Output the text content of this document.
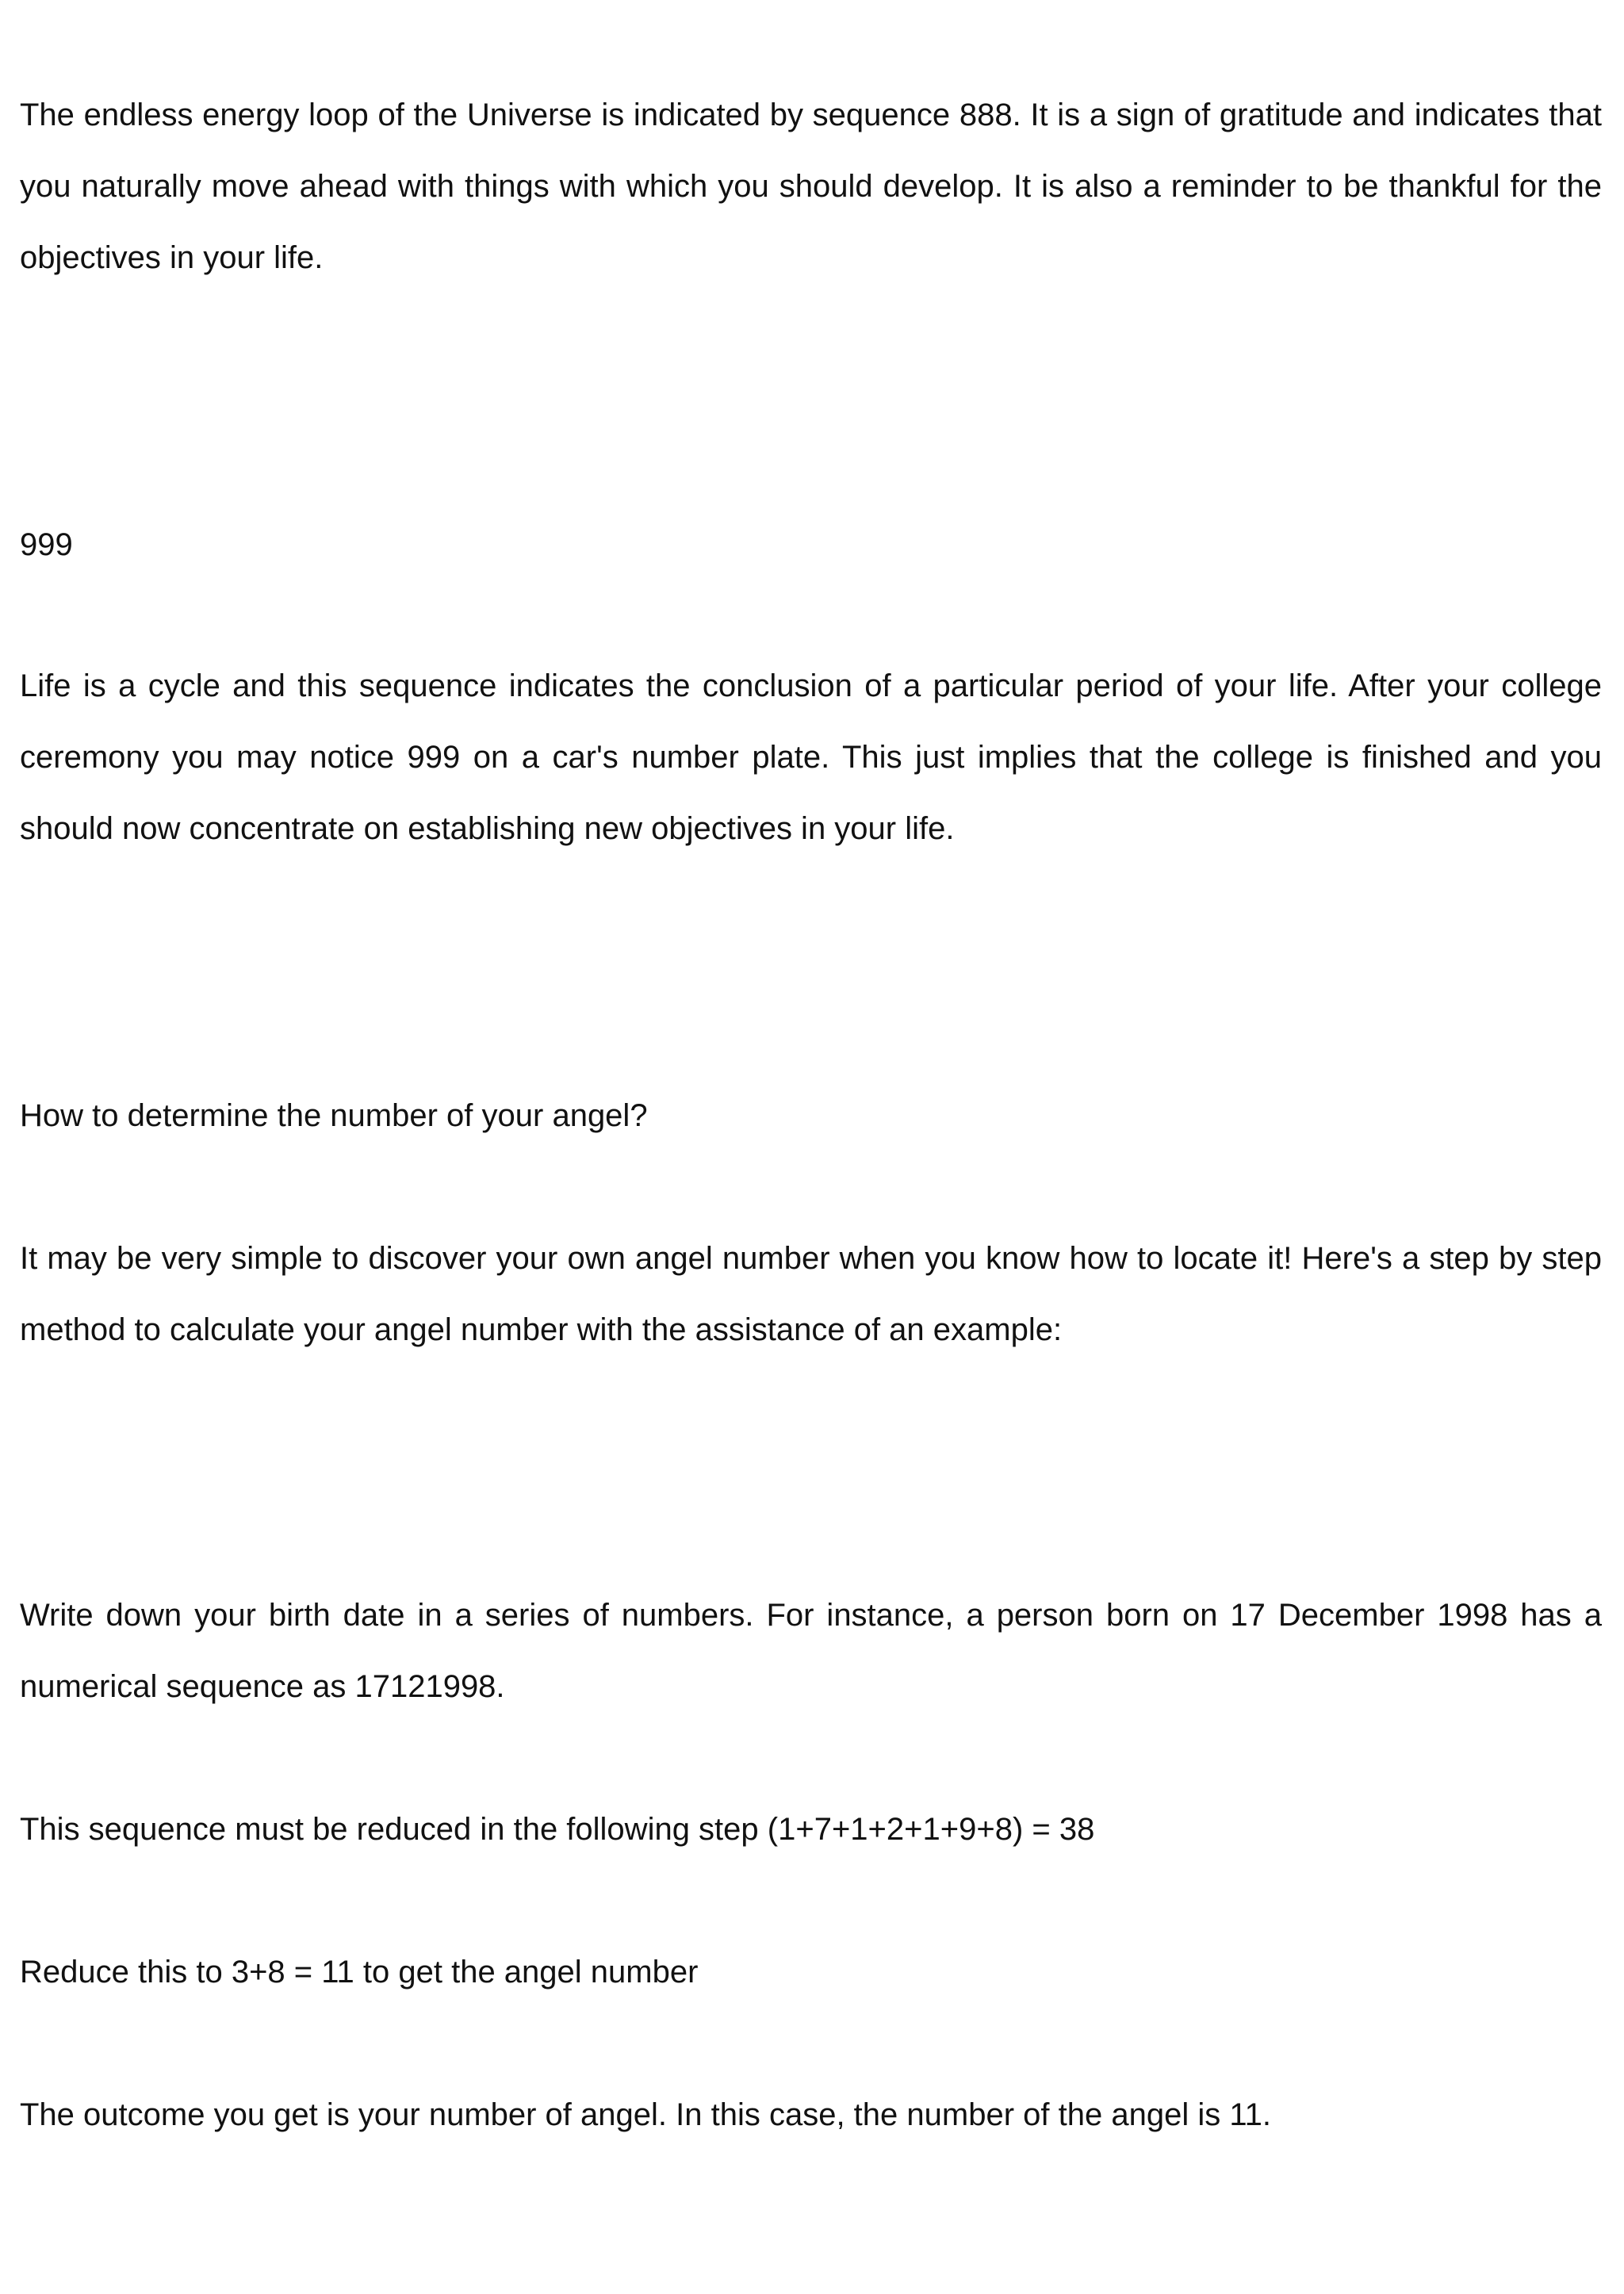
The endless energy loop of the Universe is indicated by sequence 888. It is a sign of gratitude and indicates that you naturally move ahead with things with which you should develop. It is also a reminder to be thankful for the objectives in your life.

999

Life is a cycle and this sequence indicates the conclusion of a particular period of your life. After your college ceremony you may notice 999 on a car's number plate. This just implies that the college is finished and you should now concentrate on establishing new objectives in your life.

How to determine the number of your angel?

It may be very simple to discover your own angel number when you know how to locate it! Here's a step by step method to calculate your angel number with the assistance of an example:

Write down your birth date in a series of numbers. For instance, a person born on 17 December 1998 has a numerical sequence as 17121998.

This sequence must be reduced in the following step (1+7+1+2+1+9+8) = 38

Reduce this to 3+8 = 11 to get the angel number

The outcome you get is your number of angel. In this case, the number of the angel is 11.
